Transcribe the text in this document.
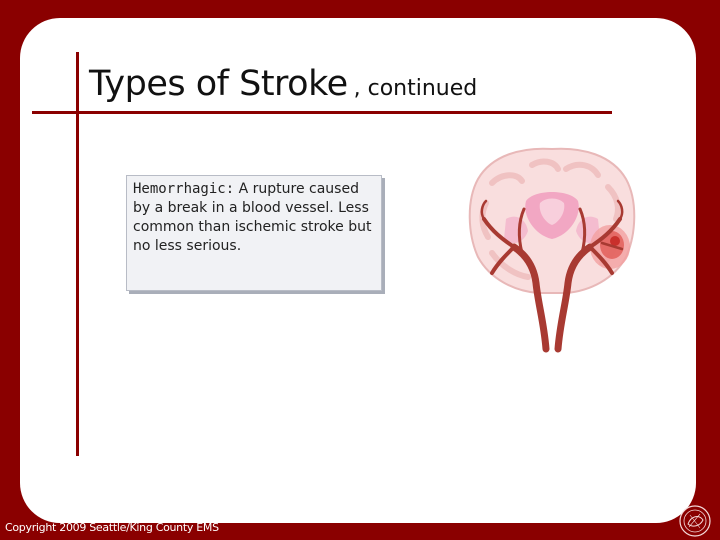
Types of Stroke , continued
Hemorrhagic: A rupture caused by a break in a blood vessel. Less common than ischemic stroke but no less serious.
Copyright 2009 Seattle/King County EMS
